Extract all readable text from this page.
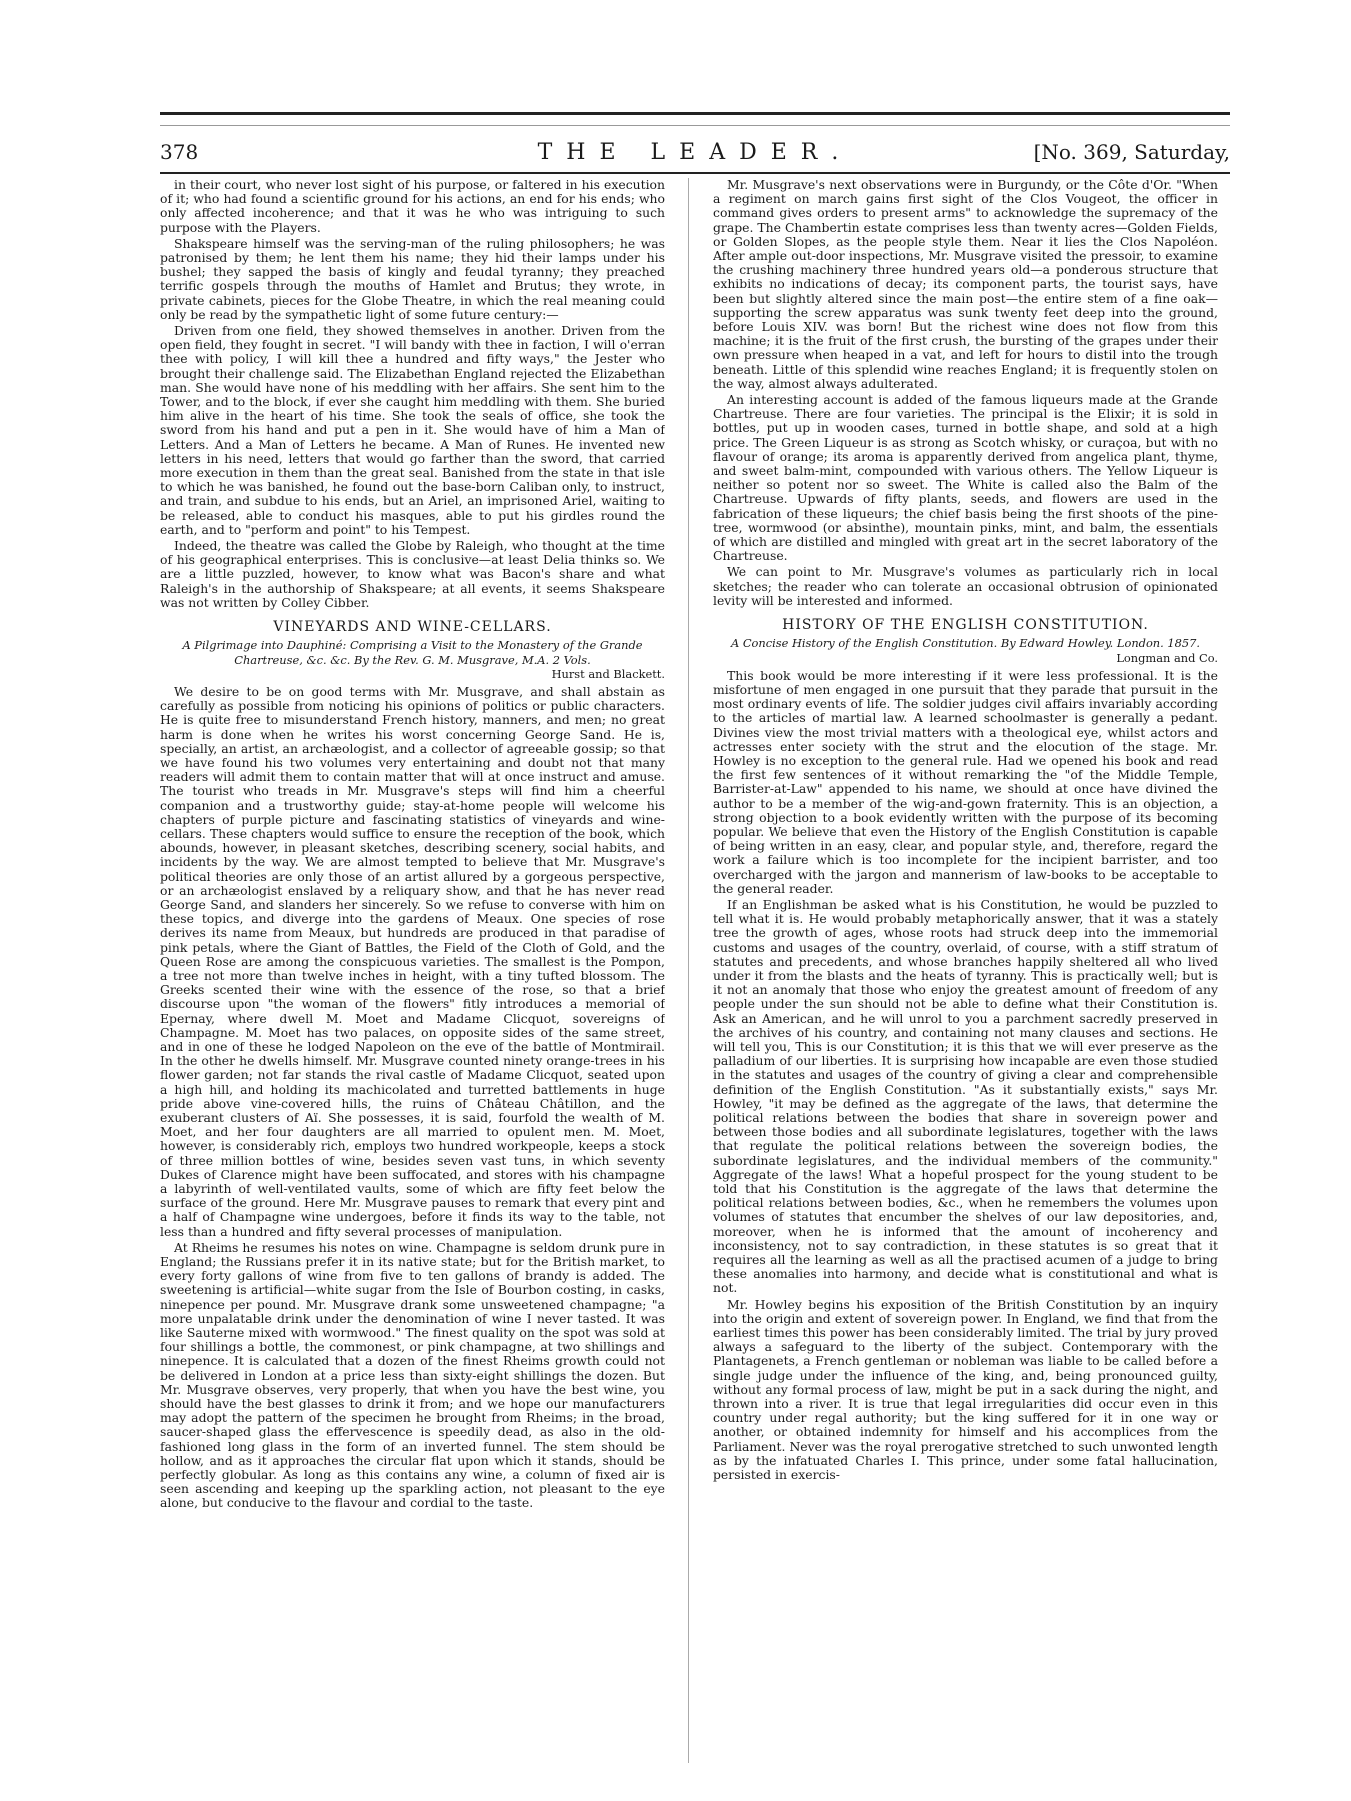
378	THE LEADER.	[No. 369, Saturday,

in their court, who never lost sight of his purpose, or faltered in his execution of it; who had found a scientific ground for his actions, an end for his ends; who only affected incoherence; and that it was he who was intriguing to such purpose with the Players.

Shakspeare himself was the serving-man of the ruling philosophers; he was patronised by them; he lent them his name; they hid their lamps under his bushel; they sapped the basis of kingly and feudal tyranny; they preached terrific gospels through the mouths of Hamlet and Brutus; they wrote, in private cabinets, pieces for the Globe Theatre, in which the real meaning could only be read by the sympathetic light of some future century:—

Driven from one field, they showed themselves in another. Driven from the open field, they fought in secret. "I will bandy with thee in faction, I will o'erran thee with policy, I will kill thee a hundred and fifty ways," the Jester who brought their challenge said. The Elizabethan England rejected the Elizabethan man. She would have none of his meddling with her affairs. She sent him to the Tower, and to the block, if ever she caught him meddling with them. She buried him alive in the heart of his time. She took the seals of office, she took the sword from his hand and put a pen in it. She would have of him a Man of Letters. And a Man of Letters he became. A Man of Runes. He invented new letters in his need, letters that would go farther than the sword, that carried more execution in them than the great seal. Banished from the state in that isle to which he was banished, he found out the base-born Caliban only, to instruct, and train, and subdue to his ends, but an Ariel, an imprisoned Ariel, waiting to be released, able to conduct his masques, able to put his girdles round the earth, and to "perform and point" to his Tempest.

Indeed, the theatre was called the Globe by Raleigh, who thought at the time of his geographical enterprises. This is conclusive—at least Delia thinks so. We are a little puzzled, however, to know what was Bacon's share and what Raleigh's in the authorship of Shakspeare; at all events, it seems Shakspeare was not written by Colley Cibber.

VINEYARDS AND WINE-CELLARS.
A Pilgrimage into Dauphiné: Comprising a Visit to the Monastery of the Grande Chartreuse, &c. &c. By the Rev. G. M. Musgrave, M.A. 2 Vols.
Hurst and Blackett.

We desire to be on good terms with Mr. Musgrave, and shall abstain as carefully as possible from noticing his opinions of politics or public characters. He is quite free to misunderstand French history, manners, and men; no great harm is done when he writes his worst concerning George Sand. He is, specially, an artist, an archæologist, and a collector of agreeable gossip; so that we have found his two volumes very entertaining and doubt not that many readers will admit them to contain matter that will at once instruct and amuse. The tourist who treads in Mr. Musgrave's steps will find him a cheerful companion and a trustworthy guide; stay-at-home people will welcome his chapters of purple picture and fascinating statistics of vineyards and wine-cellars. These chapters would suffice to ensure the reception of the book, which abounds, however, in pleasant sketches, describing scenery, social habits, and incidents by the way. We are almost tempted to believe that Mr. Musgrave's political theories are only those of an artist allured by a gorgeous perspective, or an archæologist enslaved by a reliquary show, and that he has never read George Sand, and slanders her sincerely. So we refuse to converse with him on these topics, and diverge into the gardens of Meaux. One species of rose derives its name from Meaux, but hundreds are produced in that paradise of pink petals, where the Giant of Battles, the Field of the Cloth of Gold, and the Queen Rose are among the conspicuous varieties. The smallest is the Pompon, a tree not more than twelve inches in height, with a tiny tufted blossom. The Greeks scented their wine with the essence of the rose, so that a brief discourse upon "the woman of the flowers" fitly introduces a memorial of Epernay, where dwell M. Moet and Madame Clicquot, sovereigns of Champagne. M. Moet has two palaces, on opposite sides of the same street, and in one of these he lodged Napoleon on the eve of the battle of Montmirail. In the other he dwells himself. Mr. Musgrave counted ninety orange-trees in his flower garden; not far stands the rival castle of Madame Clicquot, seated upon a high hill, and holding its machicolated and turretted battlements in huge pride above vine-covered hills, the ruins of Château Châtillon, and the exuberant clusters of Aï. She possesses, it is said, fourfold the wealth of M. Moet, and her four daughters are all married to opulent men. M. Moet, however, is considerably rich, employs two hundred workpeople, keeps a stock of three million bottles of wine, besides seven vast tuns, in which seventy Dukes of Clarence might have been suffocated, and stores with his champagne a labyrinth of well-ventilated vaults, some of which are fifty feet below the surface of the ground. Here Mr. Musgrave pauses to remark that every pint and a half of Champagne wine undergoes, before it finds its way to the table, not less than a hundred and fifty several processes of manipulation.

At Rheims he resumes his notes on wine. Champagne is seldom drunk pure in England; the Russians prefer it in its native state; but for the British market, to every forty gallons of wine from five to ten gallons of brandy is added. The sweetening is artificial—white sugar from the Isle of Bourbon costing, in casks, ninepence per pound. Mr. Musgrave drank some unsweetened champagne; "a more unpalatable drink under the denomination of wine I never tasted. It was like Sauterne mixed with wormwood." The finest quality on the spot was sold at four shillings a bottle, the commonest, or pink champagne, at two shillings and ninepence. It is calculated that a dozen of the finest Rheims growth could not be delivered in London at a price less than sixty-eight shillings the dozen. But Mr. Musgrave observes, very properly, that when you have the best wine, you should have the best glasses to drink it from; and we hope our manufacturers may adopt the pattern of the specimen he brought from Rheims; in the broad, saucer-shaped glass the effervescence is speedily dead, as also in the old-fashioned long glass in the form of an inverted funnel. The stem should be hollow, and as it approaches the circular flat upon which it stands, should be perfectly globular. As long as this contains any wine, a column of fixed air is seen ascending and keeping up the sparkling action, not pleasant to the eye alone, but conducive to the flavour and cordial to the taste.

Mr. Musgrave's next observations were in Burgundy, or the Côte d'Or. "When a regiment on march gains first sight of the Clos Vougeot, the officer in command gives orders to present arms" to acknowledge the supremacy of the grape. The Chambertin estate comprises less than twenty acres—Golden Fields, or Golden Slopes, as the people style them. Near it lies the Clos Napoléon. After ample out-door inspections, Mr. Musgrave visited the pressoir, to examine the crushing machinery three hundred years old—a ponderous structure that exhibits no indications of decay; its component parts, the tourist says, have been but slightly altered since the main post—the entire stem of a fine oak—supporting the screw apparatus was sunk twenty feet deep into the ground, before Louis XIV. was born! But the richest wine does not flow from this machine; it is the fruit of the first crush, the bursting of the grapes under their own pressure when heaped in a vat, and left for hours to distil into the trough beneath. Little of this splendid wine reaches England; it is frequently stolen on the way, almost always adulterated.

An interesting account is added of the famous liqueurs made at the Grande Chartreuse. There are four varieties. The principal is the Elixir; it is sold in bottles, put up in wooden cases, turned in bottle shape, and sold at a high price. The Green Liqueur is as strong as Scotch whisky, or curaçoa, but with no flavour of orange; its aroma is apparently derived from angelica plant, thyme, and sweet balm-mint, compounded with various others. The Yellow Liqueur is neither so potent nor so sweet. The White is called also the Balm of the Chartreuse. Upwards of fifty plants, seeds, and flowers are used in the fabrication of these liqueurs; the chief basis being the first shoots of the pine-tree, wormwood (or absinthe), mountain pinks, mint, and balm, the essentials of which are distilled and mingled with great art in the secret laboratory of the Chartreuse.

We can point to Mr. Musgrave's volumes as particularly rich in local sketches; the reader who can tolerate an occasional obtrusion of opinionated levity will be interested and informed.

HISTORY OF THE ENGLISH CONSTITUTION.
A Concise History of the English Constitution. By Edward Howley. London. 1857.
Longman and Co.

This book would be more interesting if it were less professional. It is the misfortune of men engaged in one pursuit that they parade that pursuit in the most ordinary events of life. The soldier judges civil affairs invariably according to the articles of martial law. A learned schoolmaster is generally a pedant. Divines view the most trivial matters with a theological eye, whilst actors and actresses enter society with the strut and the elocution of the stage. Mr. Howley is no exception to the general rule. Had we opened his book and read the first few sentences of it without remarking the "of the Middle Temple, Barrister-at-Law" appended to his name, we should at once have divined the author to be a member of the wig-and-gown fraternity. This is an objection, a strong objection to a book evidently written with the purpose of its becoming popular. We believe that even the History of the English Constitution is capable of being written in an easy, clear, and popular style, and, therefore, regard the work a failure which is too incomplete for the incipient barrister, and too overcharged with the jargon and mannerism of law-books to be acceptable to the general reader.

If an Englishman be asked what is his Constitution, he would be puzzled to tell what it is. He would probably metaphorically answer, that it was a stately tree the growth of ages, whose roots had struck deep into the immemorial customs and usages of the country, overlaid, of course, with a stiff stratum of statutes and precedents, and whose branches happily sheltered all who lived under it from the blasts and the heats of tyranny. This is practically well; but is it not an anomaly that those who enjoy the greatest amount of freedom of any people under the sun should not be able to define what their Constitution is. Ask an American, and he will unrol to you a parchment sacredly preserved in the archives of his country, and containing not many clauses and sections. He will tell you, This is our Constitution; it is this that we will ever preserve as the palladium of our liberties. It is surprising how incapable are even those studied in the statutes and usages of the country of giving a clear and comprehensible definition of the English Constitution. "As it substantially exists," says Mr. Howley, "it may be defined as the aggregate of the laws, that determine the political relations between the bodies that share in sovereign power and between those bodies and all subordinate legislatures, together with the laws that regulate the political relations between the sovereign bodies, the subordinate legislatures, and the individual members of the community." Aggregate of the laws! What a hopeful prospect for the young student to be told that his Constitution is the aggregate of the laws that determine the political relations between bodies, &c., when he remembers the volumes upon volumes of statutes that encumber the shelves of our law depositories, and, moreover, when he is informed that the amount of incoherency and inconsistency, not to say contradiction, in these statutes is so great that it requires all the learning as well as all the practised acumen of a judge to bring these anomalies into harmony, and decide what is constitutional and what is not.

Mr. Howley begins his exposition of the British Constitution by an inquiry into the origin and extent of sovereign power. In England, we find that from the earliest times this power has been considerably limited. The trial by jury proved always a safeguard to the liberty of the subject. Contemporary with the Plantagenets, a French gentleman or nobleman was liable to be called before a single judge under the influence of the king, and, being pronounced guilty, without any formal process of law, might be put in a sack during the night, and thrown into a river. It is true that legal irregularities did occur even in this country under regal authority; but the king suffered for it in one way or another, or obtained indemnity for himself and his accomplices from the Parliament. Never was the royal prerogative stretched to such unwonted length as by the infatuated Charles I. This prince, under some fatal hallucination, persisted in exercis-
